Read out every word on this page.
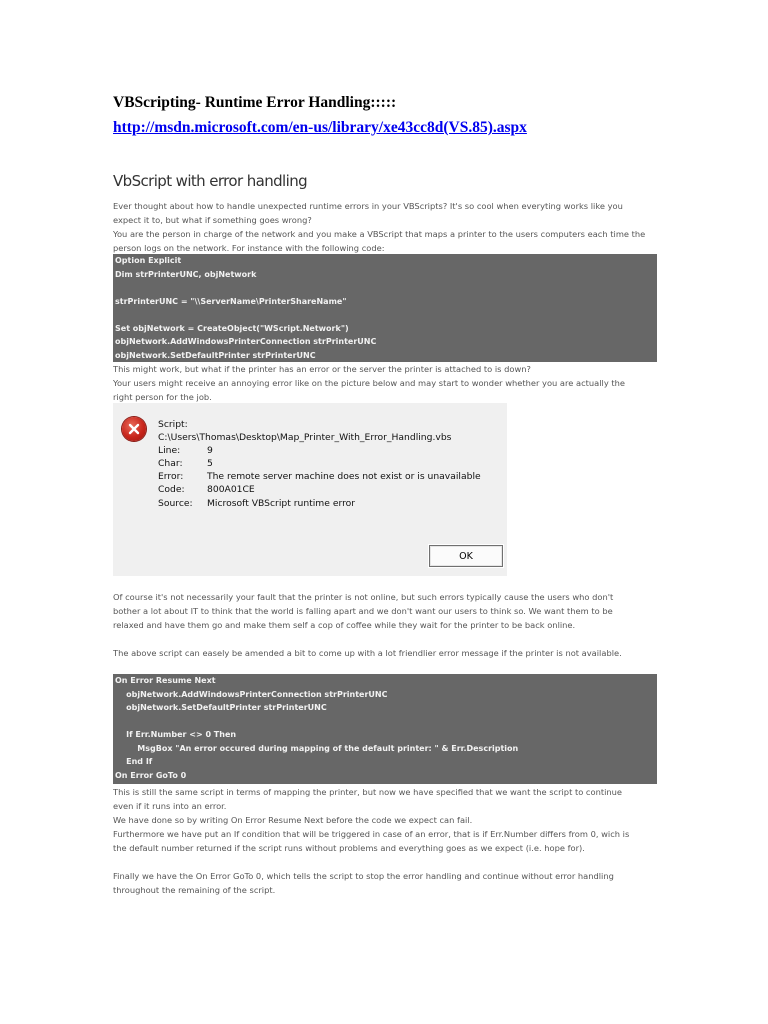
VBScripting- Runtime Error Handling:::::
http://msdn.microsoft.com/en-us/library/xe43cc8d(VS.85).aspx
VbScript with error handling
Ever thought about how to handle unexpected runtime errors in your VBScripts? It's so cool when everyting works like you
expect it to, but what if something goes wrong?
You are the person in charge of the network and you make a VBScript that maps a printer to the users computers each time the
person logs on the network. For instance with the following code:
Option Explicit
Dim strPrinterUNC, objNetwork
strPrinterUNC = "\\ServerName\PrinterShareName"
Set objNetwork = CreateObject("WScript.Network")
objNetwork.AddWindowsPrinterConnection strPrinterUNC
objNetwork.SetDefaultPrinter strPrinterUNC
This might work, but what if the printer has an error or the server the printer is attached to is down?
Your users might receive an annoying error like on the picture below and may start to wonder whether you are actually the
right person for the job.
Script:
C:\Users\Thomas\Desktop\Map_Printer_With_Error_Handling.vbs
Line:	9
Char:	5
Error:	The remote server machine does not exist or is unavailable
Code: 800A01CE
Source: Microsoft VBScript runtime error
OK
Of course it's not necessarily your fault that the printer is not online, but such errors typically cause the users who don't
bother a lot about IT to think that the world is falling apart and we don't want our users to think so. We want them to be
relaxed and have them go and make them self a cop of coffee while they wait for the printer to be back online.
The above script can easely be amended a bit to come up with a lot friendlier error message if the printer is not available.
On Error Resume Next
objNetwork.AddWindowsPrinterConnection strPrinterUNC
objNetwork.SetDefaultPrinter strPrinterUNC
If Err.Number <> 0 Then
MsgBox "An error occured during mapping of the default printer: " & Err.Description
End If
On Error GoTo 0
This is still the same script in terms of mapping the printer, but now we have specified that we want the script to continue
even if it runs into an error.
We have done so by writing On Error Resume Next before the code we expect can fail.
Furthermore we have put an If condition that will be triggered in case of an error, that is if Err.Number differs from 0, wich is
the default number returned if the script runs without problems and everything goes as we expect (i.e. hope for).
Finally we have the On Error GoTo 0, which tells the script to stop the error handling and continue without error handling
throughout the remaining of the script.
